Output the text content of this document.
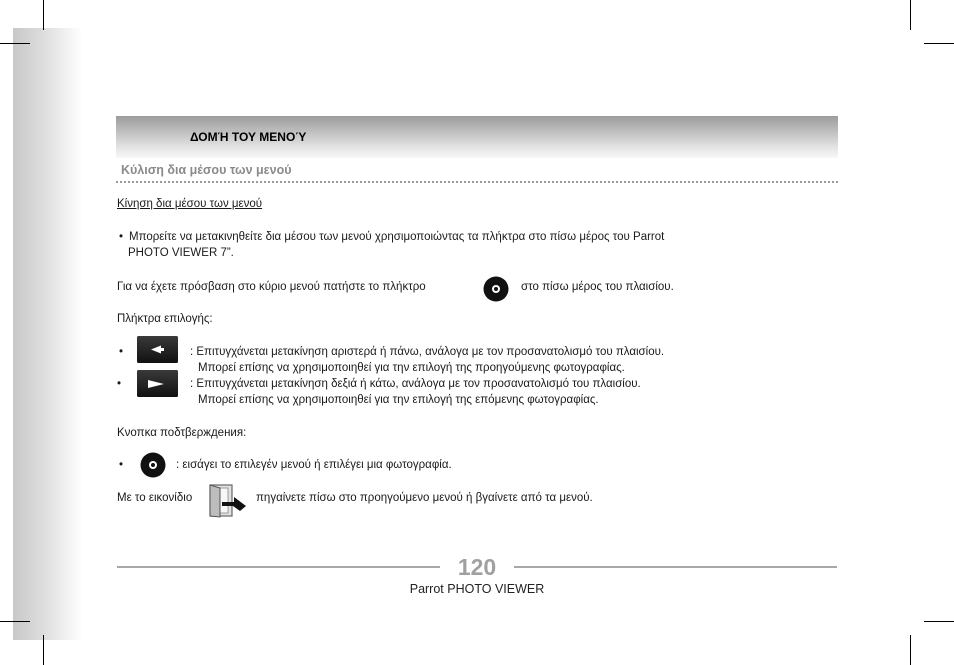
ΔΟΜΉ ΤΟΥ ΜΕΝΟΎ
Κύλιση δια μέσου των μενού
Κίνηση δια μέσου των μενού
• Μπορείτε να μετακινηθείτε δια μέσου των μενού χρησιμοποιώντας τα πλήκτρα στο πίσω μέρος του Parrot
PHOTO VIEWER 7”.
Για να έχετε πρόσβαση στο κύριο μενού πατήστε το πλήκτρο	στο πίσω μέρος του πλαισίου.
Πλήκτρα επιλογής:
•	: Επιτυγχάνεται μετακίνηση αριστερά ή πάνω, ανάλογα με τον προσανατολισμό του πλαισίου.
Μπορεί επίσης να χρησιμοποιηθεί για την επιλογή της προηγούμενης φωτογραφίας.
•	: Επιτυγχάνεται μετακίνηση δεξιά ή κάτω, ανάλογα με τον προσανατολισμό του πλαισίου.
Μπορεί επίσης να χρησιμοποιηθεί για την επιλογή της επόμενης φωτογραφίας.
Κνοπκα ποδτβερждения:
•	: εισάγει το επιλεγέν μενού ή επιλέγει μια φωτογραφία.
Με το εικονίδιο	πηγαίνετε πίσω στο προηγούμενο μενού ή βγαίνετε από τα μενού.
120
Parrot PHOTO VIEWER
